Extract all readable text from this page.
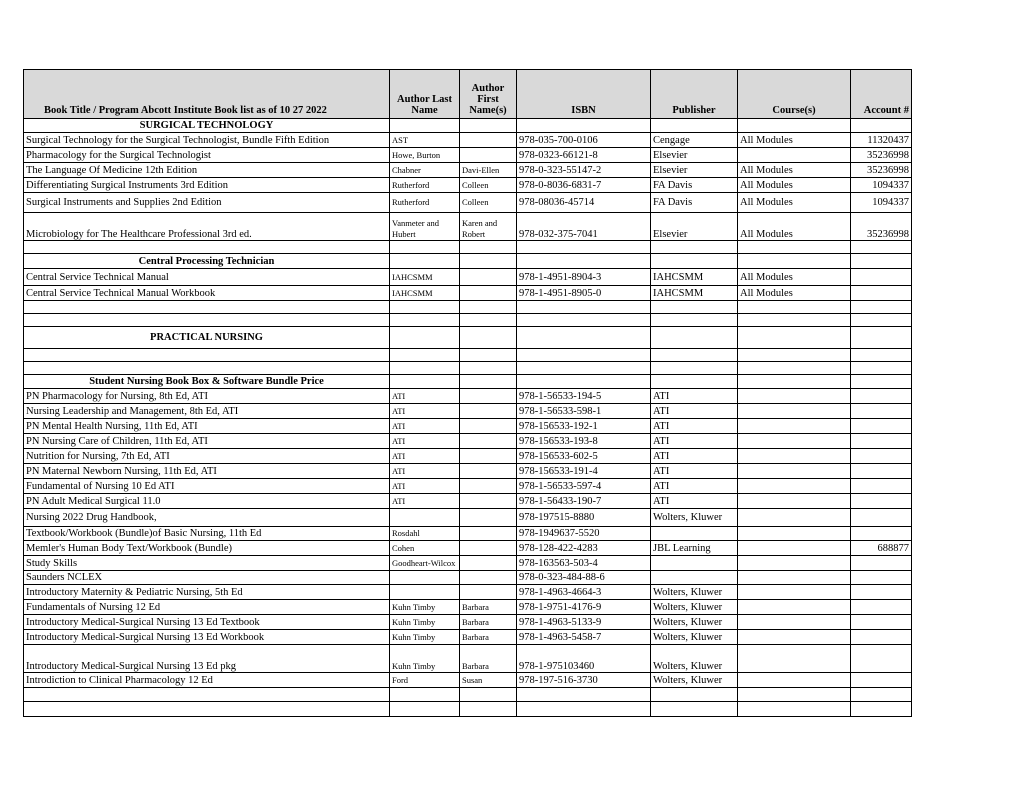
Book Title / Program Abcott Institute Book list as of 10 27 2022	Author Last Name	Author First Name(s)	ISBN	Publisher	Course(s)	Account #
SURGICAL TECHNOLOGY						
Surgical Technology for the Surgical Technologist, Bundle Fifth Edition	AST		978-035-700-0106	Cengage	All Modules	11320437
Pharmacology for the Surgical Technologist	Howe, Burton		978-0323-66121-8	Elsevier		35236998
The Language Of Medicine 12th Edition	Chabner	Davi-Ellen	978-0-323-55147-2	Elsevier	All Modules	35236998
Differentiating Surgical Instruments 3rd Edition	Rutherford	Colleen	978-0-8036-6831-7	FA Davis	All Modules	1094337
Surgical Instruments and Supplies 2nd Edition	Rutherford	Colleen	978-08036-45714	FA Davis	All Modules	1094337
Microbiology for The Healthcare Professional 3rd ed.	Vanmeter and Hubert	Karen and Robert	978-032-375-7041	Elsevier	All Modules	35236998

Central Processing Technician						
Central Service Technical Manual	IAHCSMM		978-1-4951-8904-3	IAHCSMM	All Modules	
Central Service Technical Manual Workbook	IAHCSMM		978-1-4951-8905-0	IAHCSMM	All Modules	

PRACTICAL NURSING						

Student Nursing Book Box & Software Bundle Price						
PN Pharmacology for Nursing, 8th Ed, ATI	ATI		978-1-56533-194-5	ATI		
Nursing Leadership and Management, 8th Ed, ATI	ATI		978-1-56533-598-1	ATI		
PN Mental Health Nursing, 11th Ed, ATI	ATI		978-156533-192-1	ATI		
PN Nursing Care of Children, 11th Ed, ATI	ATI		978-156533-193-8	ATI		
Nutrition for Nursing, 7th Ed, ATI	ATI		978-156533-602-5	ATI		
PN Maternal Newborn Nursing, 11th Ed, ATI	ATI		978-156533-191-4	ATI		
Fundamental of Nursing 10 Ed ATI	ATI		978-1-56533-597-4	ATI		
PN Adult Medical Surgical 11.0	ATI		978-1-56433-190-7	ATI		
Nursing 2022 Drug Handbook,			978-197515-8880	Wolters, Kluwer		
Textbook/Workbook (Bundle)of Basic Nursing, 11th Ed	Rosdahl		978-1949637-5520			
Memler's Human Body Text/Workbook (Bundle)	Cohen		978-128-422-4283	JBL Learning		688877
Study Skills	Goodheart-Wilcox		978-163563-503-4			
Saunders NCLEX			978-0-323-484-88-6			
Introductory Maternity & Pediatric Nursing, 5th Ed			978-1-4963-4664-3	Wolters, Kluwer		
Fundamentals of Nursing 12 Ed	Kuhn Timby	Barbara	978-1-9751-4176-9	Wolters, Kluwer		
Introductory Medical-Surgical Nursing 13 Ed Textbook	Kuhn Timby	Barbara	978-1-4963-5133-9	Wolters, Kluwer		
Introductory Medical-Surgical Nursing 13 Ed Workbook	Kuhn Timby	Barbara	978-1-4963-5458-7	Wolters, Kluwer		
Introductory Medical-Surgical Nursing 13 Ed pkg	Kuhn Timby	Barbara	978-1-975103460	Wolters, Kluwer		
Introdiction to Clinical Pharmacology 12 Ed	Ford	Susan	978-197-516-3730	Wolters, Kluwer		
